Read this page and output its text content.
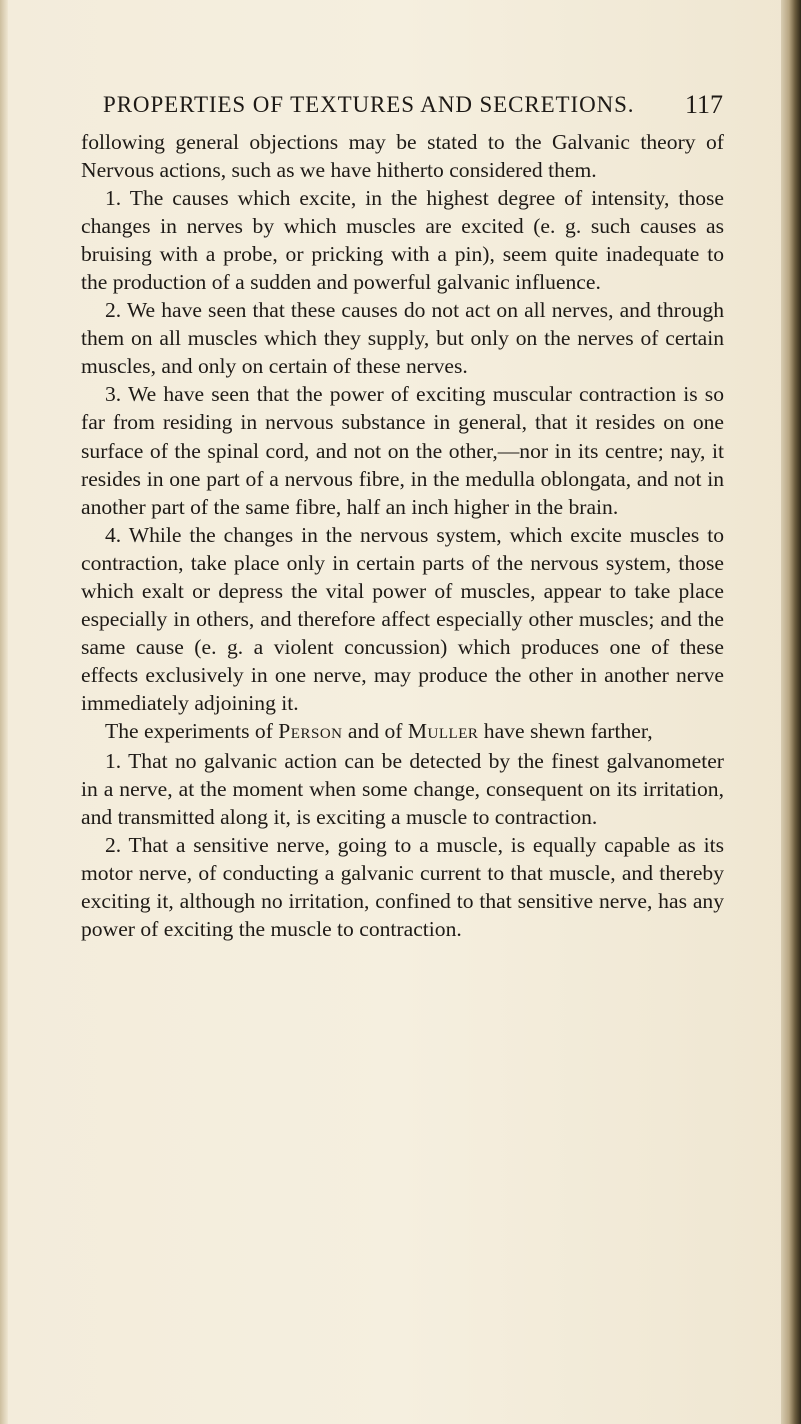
PROPERTIES OF TEXTURES AND SECRETIONS. 117

following general objections may be stated to the Galvanic theory of Nervous actions, such as we have hitherto considered them.

1. The causes which excite, in the highest degree of intensity, those changes in nerves by which muscles are excited (e. g. such causes as bruising with a probe, or pricking with a pin), seem quite inadequate to the production of a sudden and powerful galvanic influence.

2. We have seen that these causes do not act on all nerves, and through them on all muscles which they supply, but only on the nerves of certain muscles, and only on certain of these nerves.

3. We have seen that the power of exciting muscular contraction is so far from residing in nervous substance in general, that it resides on one surface of the spinal cord, and not on the other,—nor in its centre; nay, it resides in one part of a nervous fibre, in the medulla oblongata, and not in another part of the same fibre, half an inch higher in the brain.

4. While the changes in the nervous system, which excite muscles to contraction, take place only in certain parts of the nervous system, those which exalt or depress the vital power of muscles, appear to take place especially in others, and therefore affect especially other muscles; and the same cause (e. g. a violent concussion) which produces one of these effects exclusively in one nerve, may produce the other in another nerve immediately adjoining it.

The experiments of Person and of Muller have shewn farther,

1. That no galvanic action can be detected by the finest galvanometer in a nerve, at the moment when some change, consequent on its irritation, and transmitted along it, is exciting a muscle to contraction.

2. That a sensitive nerve, going to a muscle, is equally capable as its motor nerve, of conducting a galvanic current to that muscle, and thereby exciting it, although no irritation, confined to that sensitive nerve, has any power of exciting the muscle to contraction.
